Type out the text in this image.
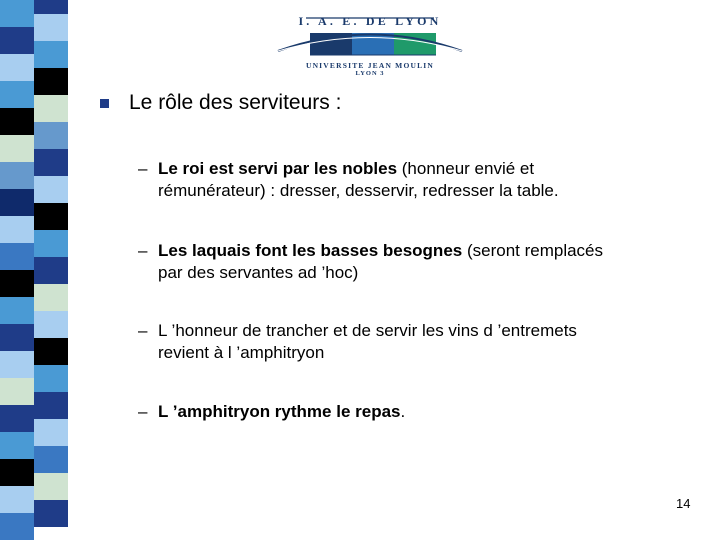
I. A. E. DE LYON
UNIVERSITE JEAN MOULIN
LYON 3
Le rôle des serviteurs :
– Le roi est servi par les nobles (honneur envié et
rémunérateur) : dresser, desservir, redresser la table.
– Les laquais font les basses besognes (seront remplacés
par des servantes ad ’hoc)
– L ’honneur de trancher et de servir les vins d ’entremets
revient à l ’amphitryon
– L ’amphitryon rythme le repas.
14
